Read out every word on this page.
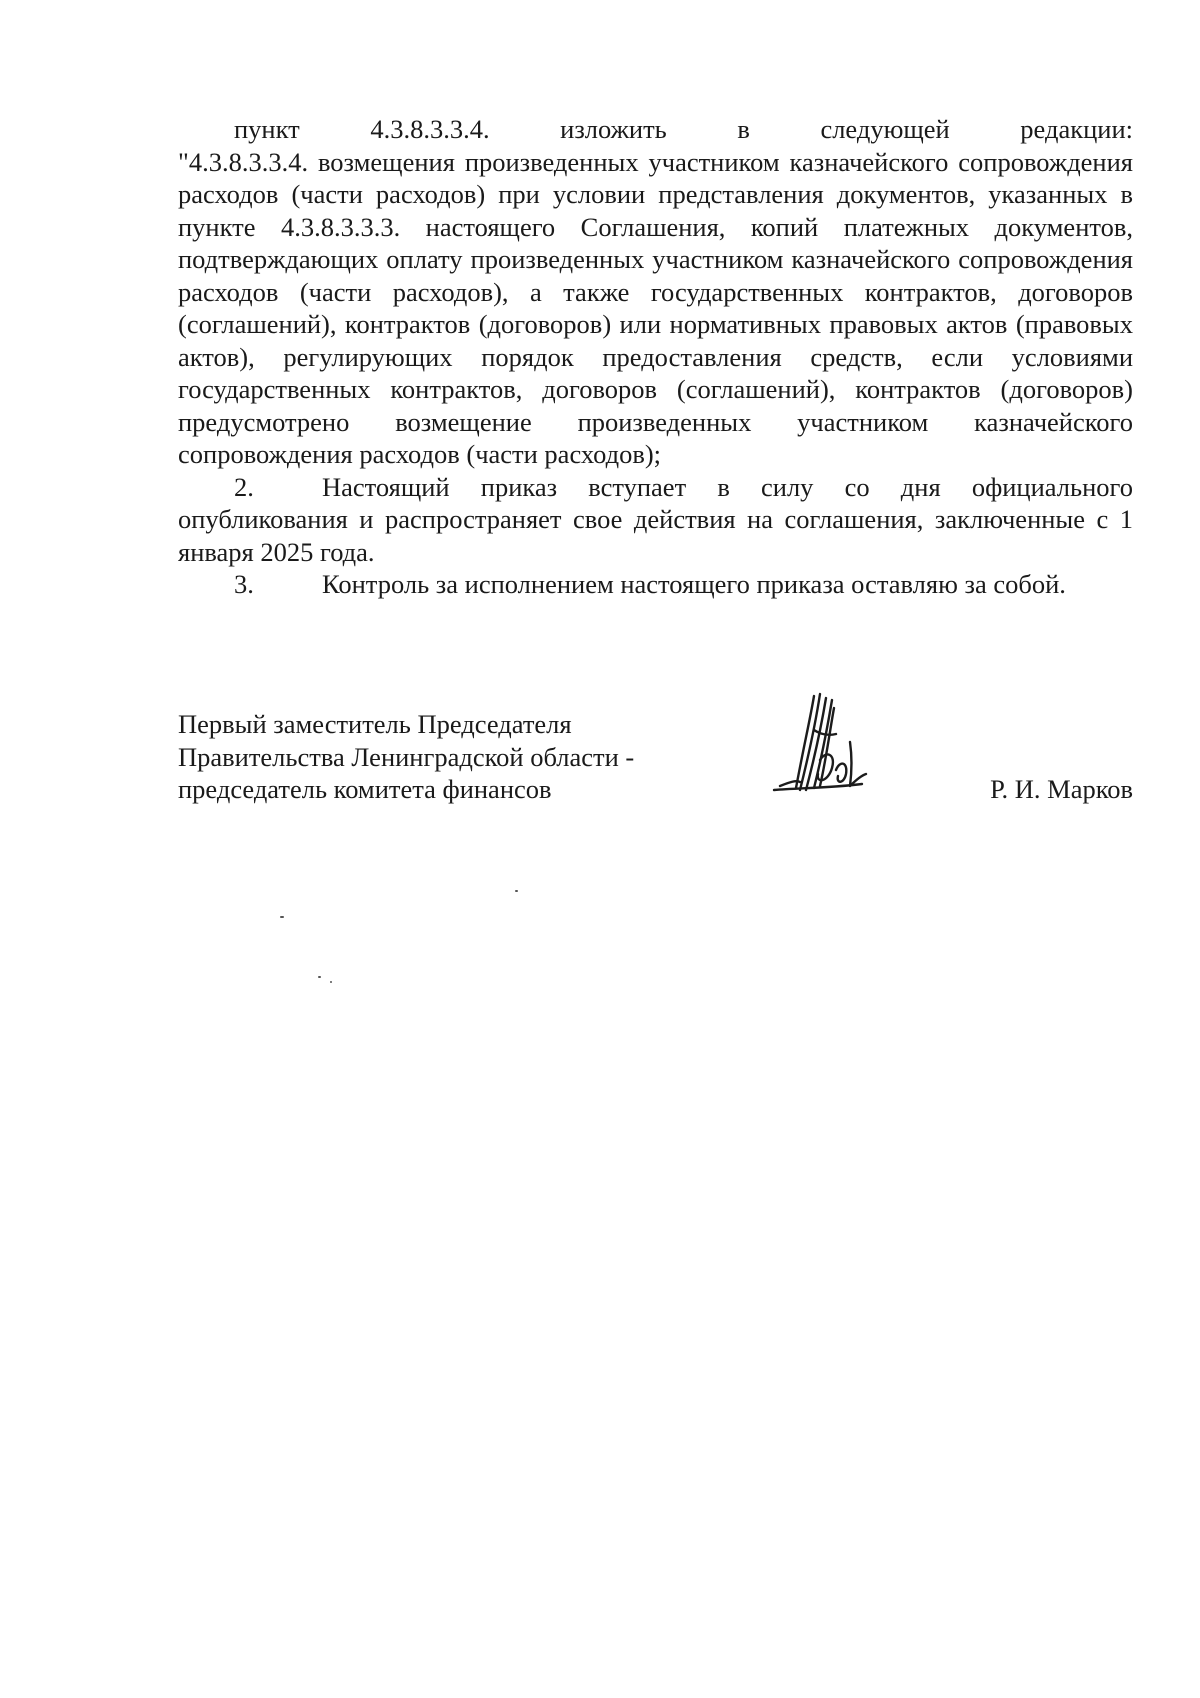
пункт	4.3.8.3.3.4.	изложить	в	следующей	редакции:

"4.3.8.3.3.4. возмещения произведенных участником казначейского сопровождения расходов (части расходов) при условии представления документов, указанных в пункте 4.3.8.3.3.3. настоящего Соглашения, копий платежных документов, подтверждающих оплату произведенных участником казначейского сопровождения расходов (части расходов), а также государственных контрактов, договоров (соглашений), контрактов (договоров) или нормативных правовых актов (правовых актов), регулирующих порядок предоставления средств, если условиями государственных контрактов, договоров (соглашений), контрактов (договоров) предусмотрено возмещение произведенных участником казначейского сопровождения расходов (части расходов);

2.	Настоящий приказ вступает в силу со дня официального опубликования и распространяет свое действия на соглашения, заключенные с 1 января 2025 года.

3.	Контроль за исполнением настоящего приказа оставляю за собой.

Первый заместитель Председателя
Правительства Ленинградской области -
председатель комитета финансов	Р. И. Марков
